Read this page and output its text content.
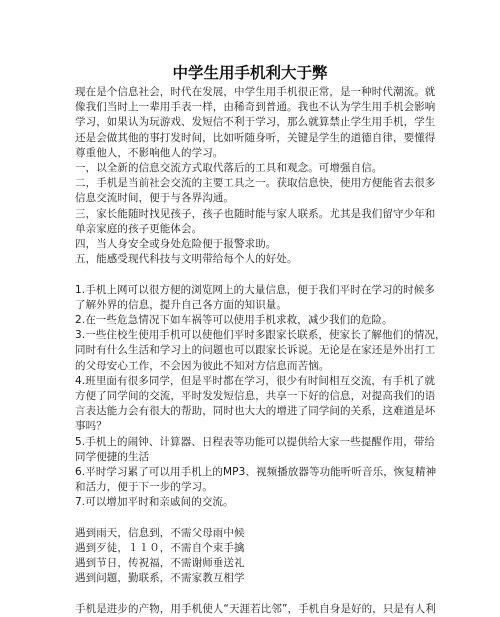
中学生用手机利大于弊
现在是个信息社会，时代在发展，中学生用手机很正常，是一种时代潮流。就
像我们当时上一辈用手表一样，由稀奇到普通。我也不认为学生用手机会影响
学习，如果认为玩游戏、发短信不利于学习，那么就算禁止学生用手机，学生
还是会做其他的事打发时间，比如听随身听，关键是学生的道德自律，要懂得
尊重他人，不影响他人的学习。
一，以全新的信息交流方式取代落后的工具和观念。可增强自信。
二，手机是当前社会交流的主要工具之一。获取信息快，使用方便能省去很多
信息交流时间，便于与各界沟通。
三，家长能随时找见孩子，孩子也随时能与家人联系。尤其是我们留守少年和
单亲家庭的孩子更能体会。
四，当人身安全或身处危险便于报警求助。
五，能感受现代科技与文明带给每个人的好处。
1.手机上网可以很方便的浏览网上的大量信息，便于我们平时在学习的时候多
了解外界的信息，提升自己各方面的知识量。
2.在一些危急情况下如车祸等可以使用手机求救，减少我们的危险。
3.一些住校生使用手机可以使他们平时多跟家长联系，使家长了解他们的情况，
同时有什么生活和学习上的问题也可以跟家长诉说。无论是在家还是外出打工
的父母安心工作，不会因为彼此不知对方信息而苦恼。
4.班里面有很多同学，但是平时都在学习，很少有时间相互交流，有手机了就
方便了同学间的交流，平时发发短信息，共享一下好的信息，对提高我们的语
言表达能力会有很大的帮助，同时也大大的增进了同学间的关系，这难道是坏
事吗？
5.手机上的闹钟、计算器、日程表等功能可以提供给大家一些提醒作用，带给
同学便捷的生活
6.平时学习累了可以用手机上的MP3、视频播放器等功能听听音乐，恢复精神
和活力，便于下一步的学习。
7.可以增加平时和亲戚间的交流。
遇到雨天，信息到，不需父母雨中候
遇到歹徒，１１０，不需自个束手擒
遇到节日，传祝福，不需谢师垂送礼
遇到问题，勤联系，不需家教互相学
手机是进步的产物，用手机使人“天涯若比邻”，手机自身是好的，只是有人利
